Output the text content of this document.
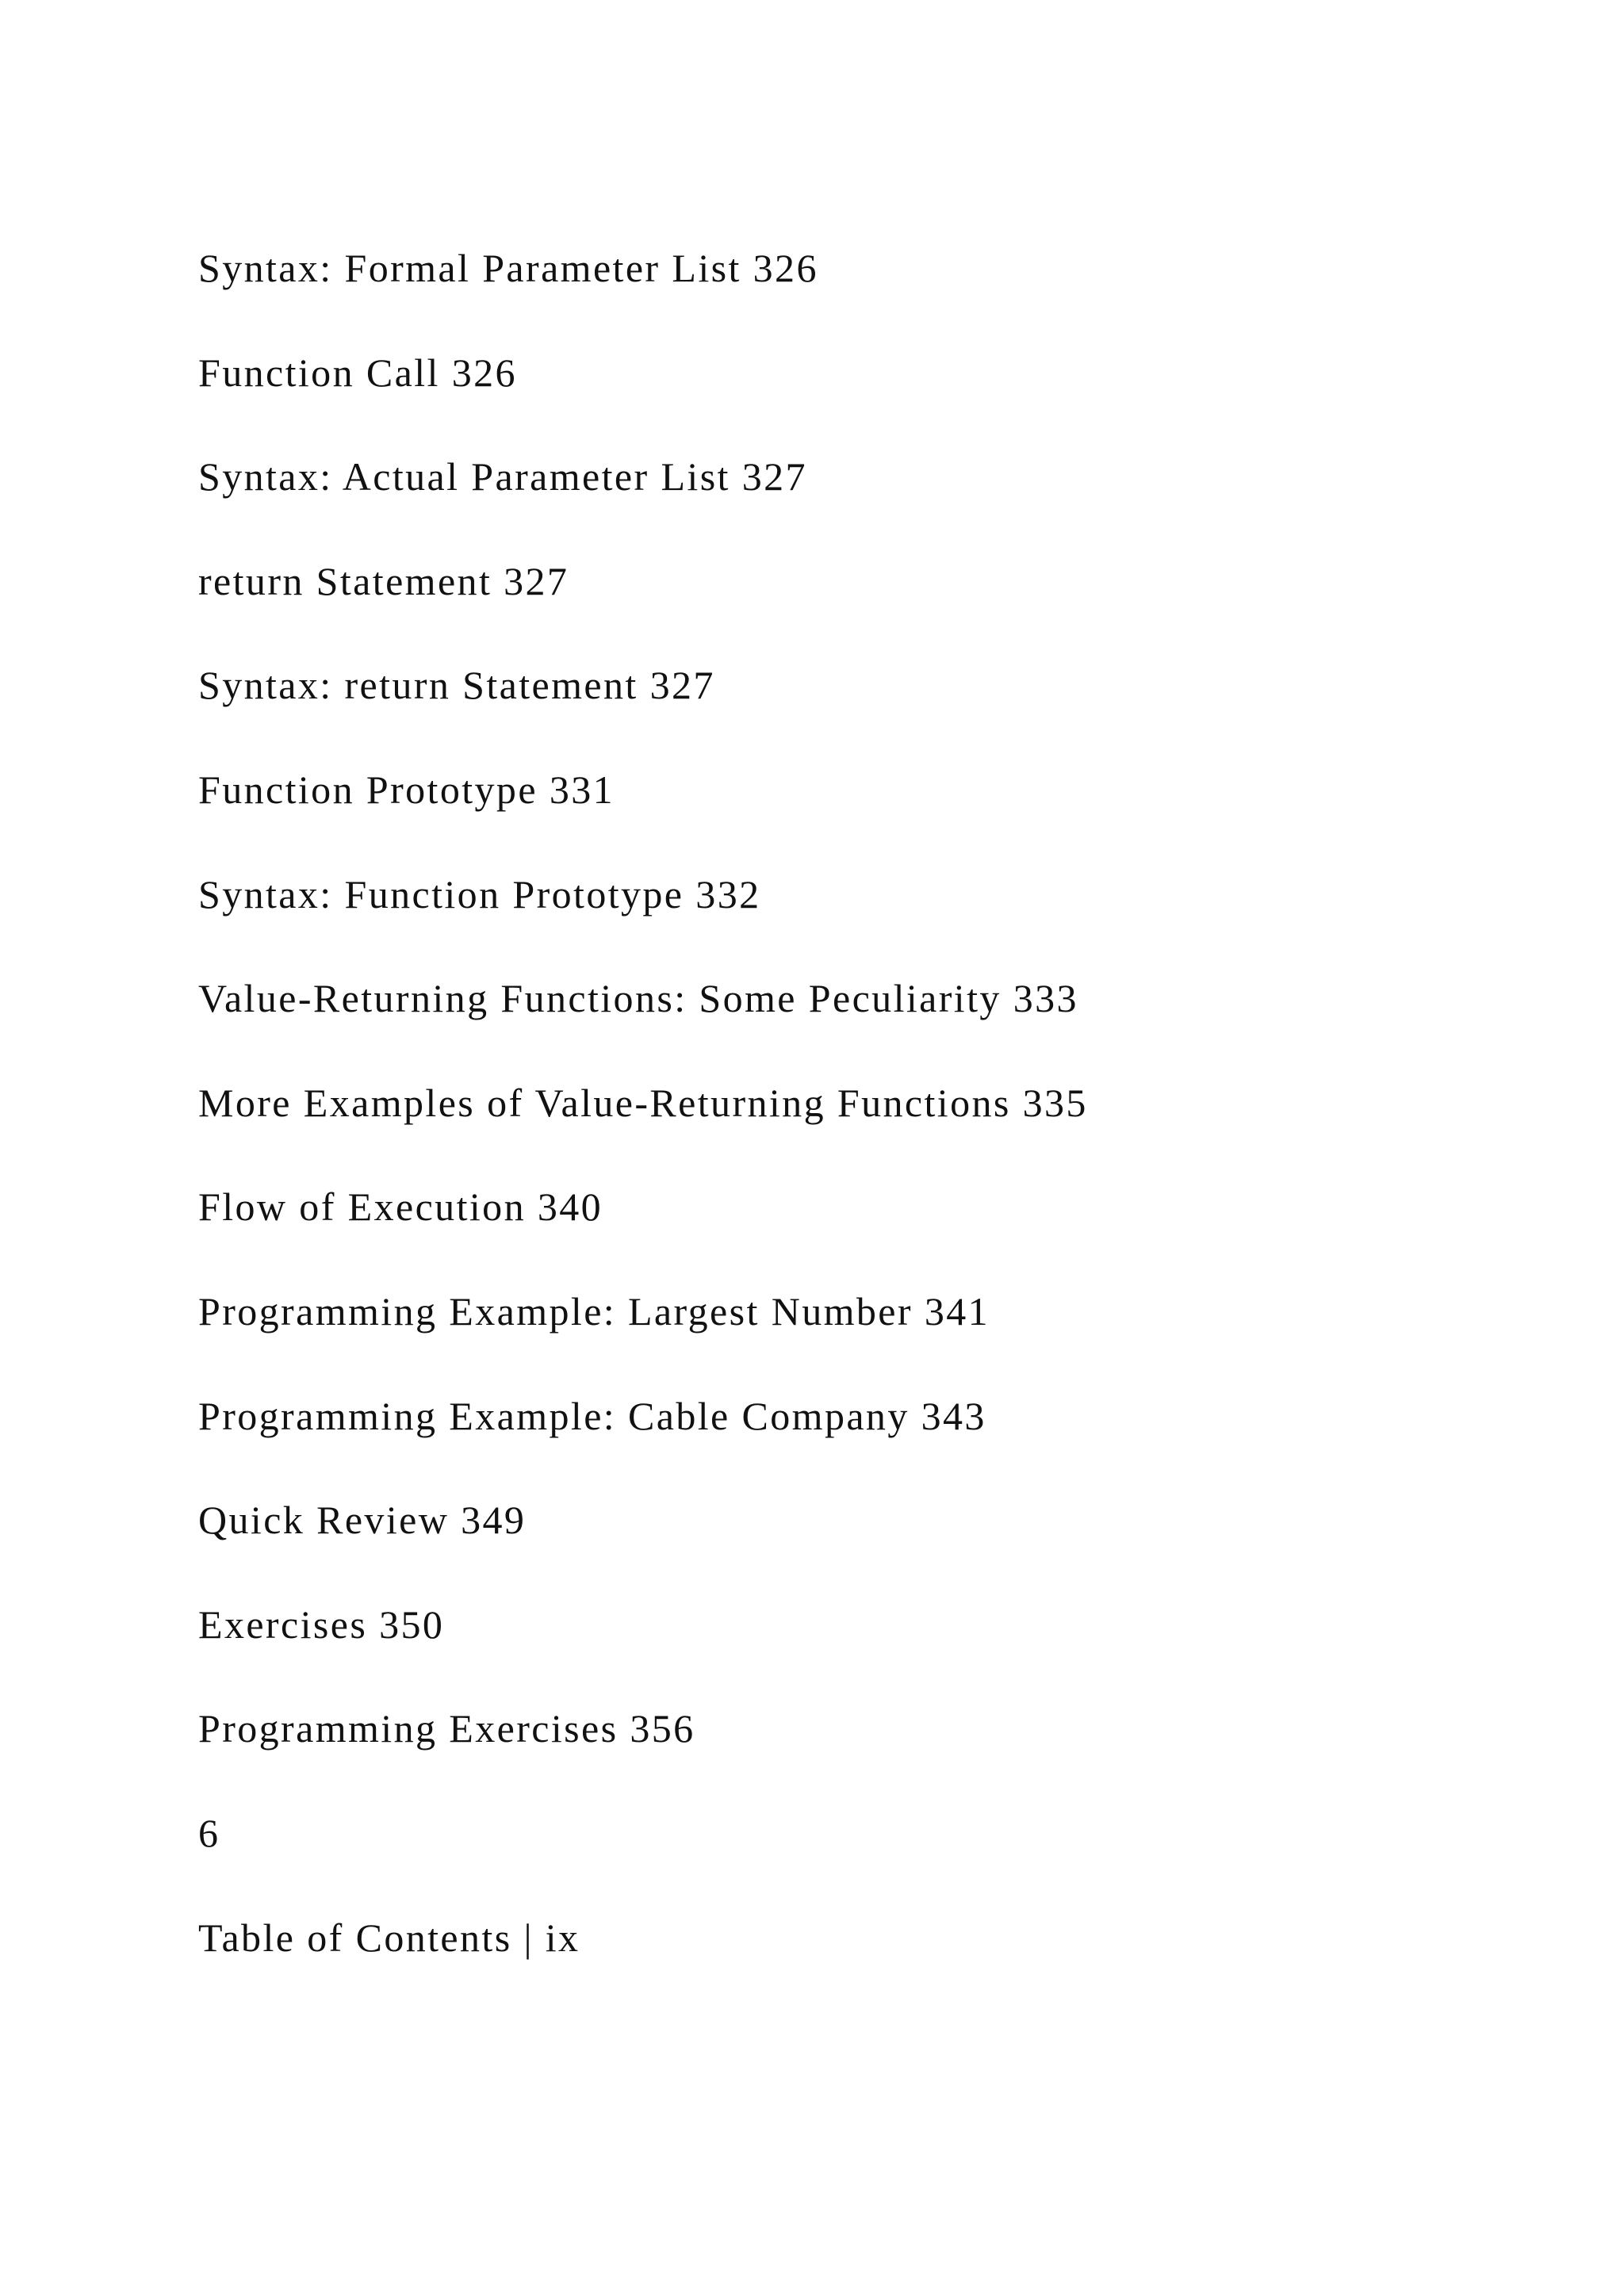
Syntax: Formal Parameter List 326
Function Call 326
Syntax: Actual Parameter List 327
return Statement 327
Syntax: return Statement 327
Function Prototype 331
Syntax: Function Prototype 332
Value-Returning Functions: Some Peculiarity 333
More Examples of Value-Returning Functions 335
Flow of Execution 340
Programming Example: Largest Number 341
Programming Example: Cable Company 343
Quick Review 349
Exercises 350
Programming Exercises 356
6
Table of Contents | ix
